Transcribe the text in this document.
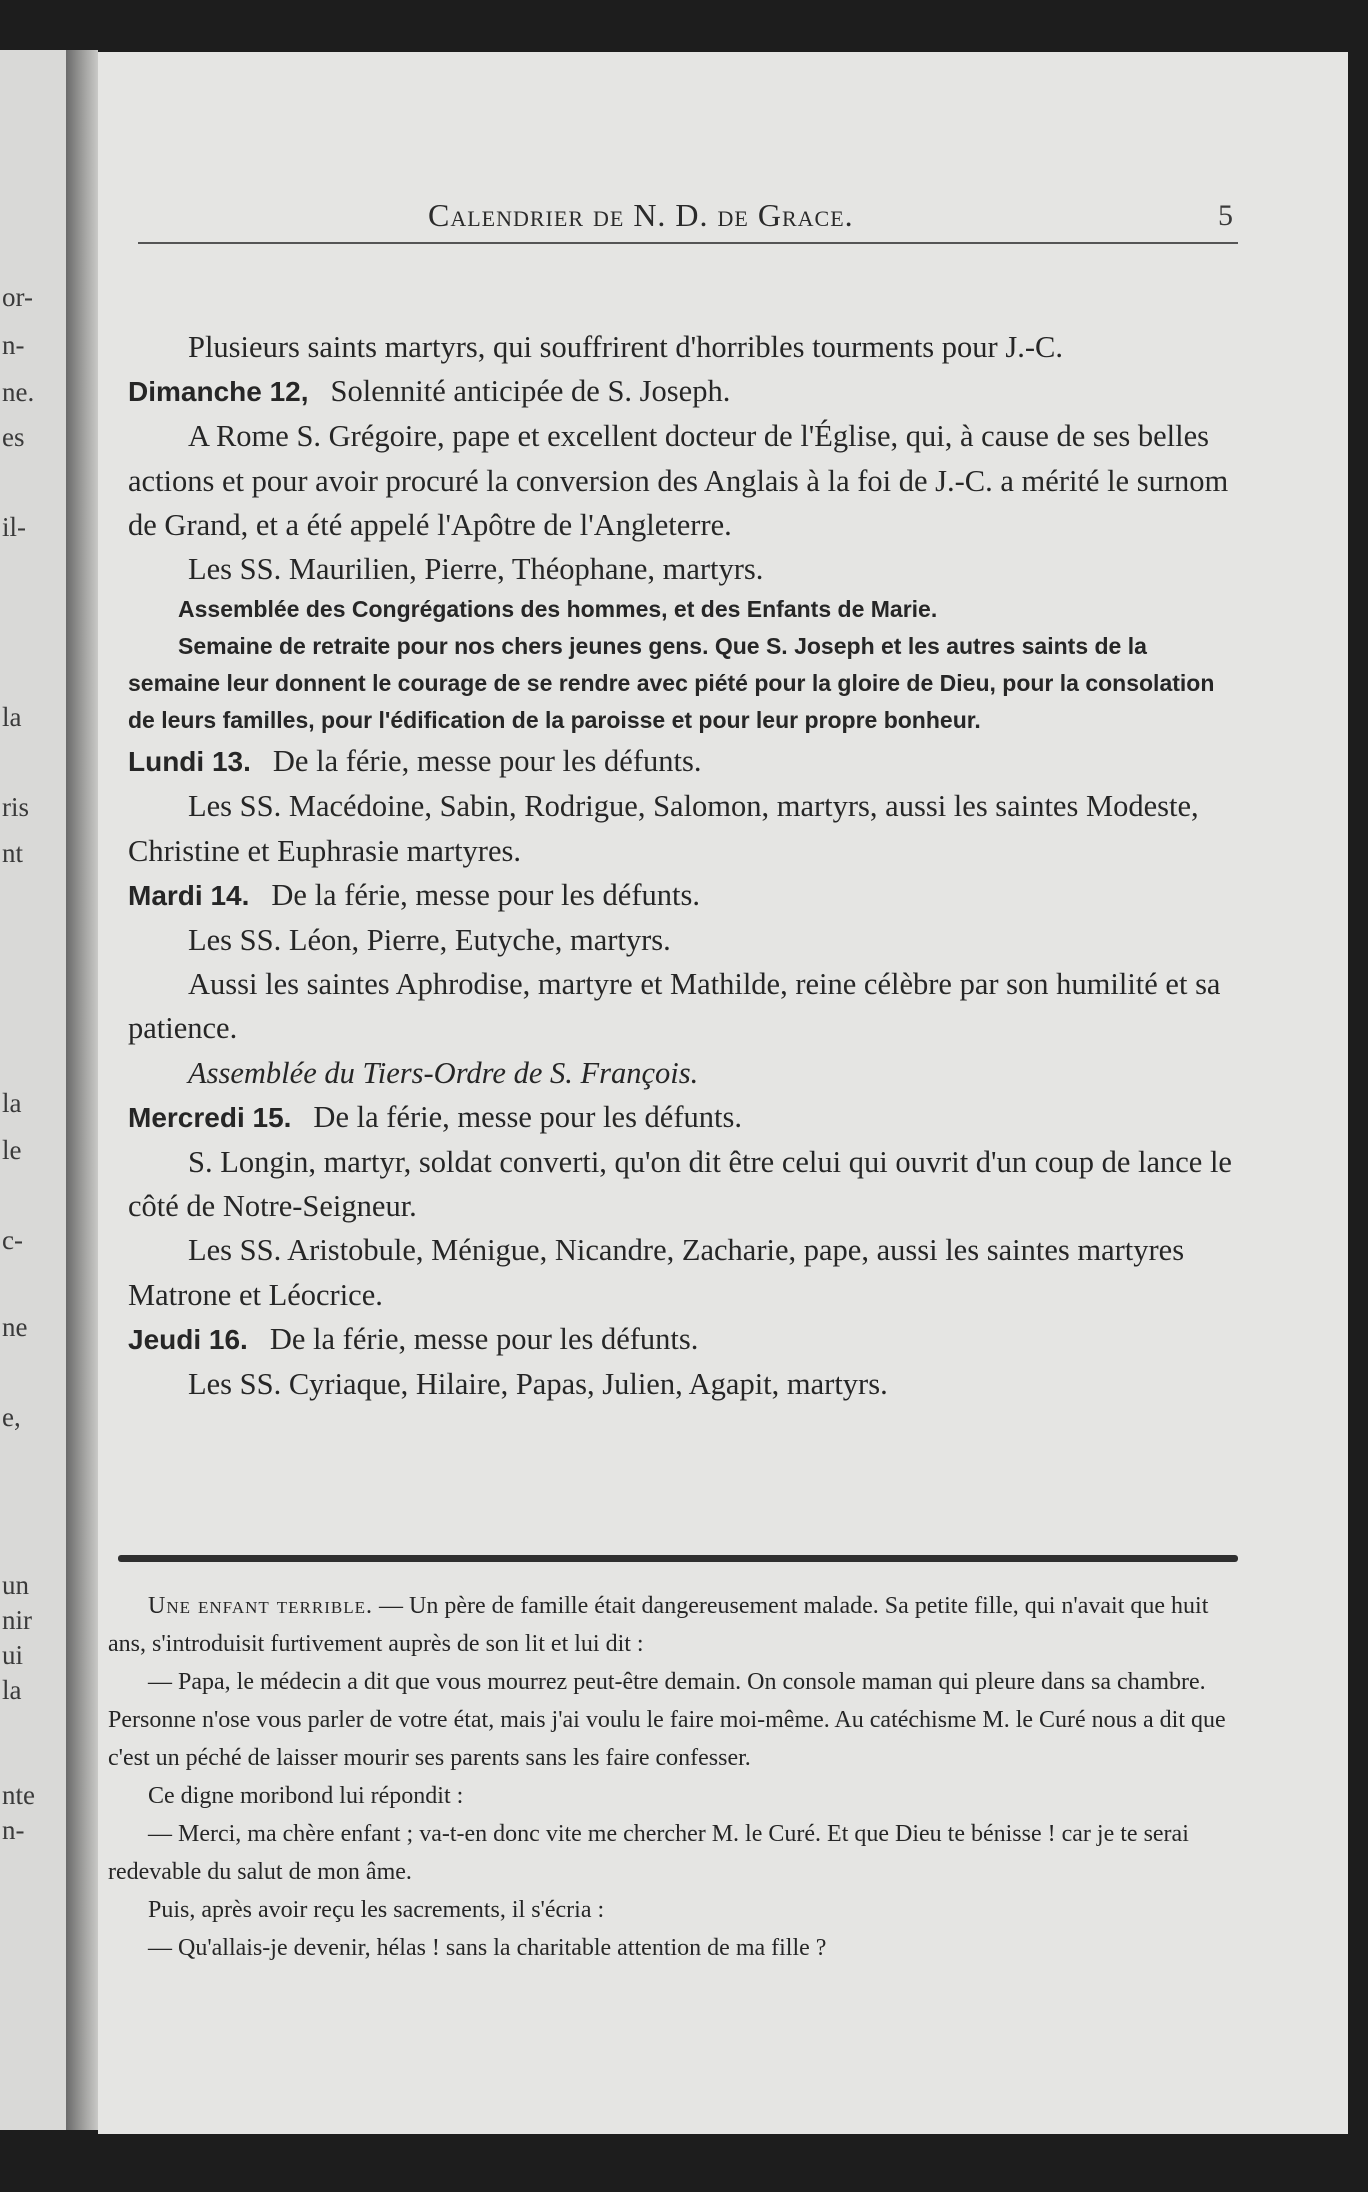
or-
n-
ne.
es
il-
la
ris
nt
la
le
c-
ne
e,
un
nir
ui
la
nte
n-
Calendrier de N. D. de Grace.	5

Plusieurs saints martyrs, qui souffrirent d'horribles tourments pour J.-C.

Dimanche 12, Solennité anticipée de S. Joseph.

A Rome S. Grégoire, pape et excellent docteur de l'Église, qui, à cause de ses belles actions et pour avoir procuré la conversion des Anglais à la foi de J.-C. a mérité le surnom de Grand, et a été appelé l'Apôtre de l'Angleterre.

Les SS. Maurilien, Pierre, Théophane, martyrs.

Assemblée des Congrégations des hommes, et des Enfants de Marie.

Semaine de retraite pour nos chers jeunes gens. Que S. Joseph et les autres saints de la semaine leur donnent le courage de se rendre avec piété pour la gloire de Dieu, pour la consolation de leurs familles, pour l'édification de la paroisse et pour leur propre bonheur.

Lundi 13. De la férie, messe pour les défunts.

Les SS. Macédoine, Sabin, Rodrigue, Salomon, martyrs, aussi les saintes Modeste, Christine et Euphrasie martyres.

Mardi 14. De la férie, messe pour les défunts.

Les SS. Léon, Pierre, Eutyche, martyrs.

Aussi les saintes Aphrodise, martyre et Mathilde, reine célèbre par son humilité et sa patience.

Assemblée du Tiers-Ordre de S. François.

Mercredi 15. De la férie, messe pour les défunts.

S. Longin, martyr, soldat converti, qu'on dit être celui qui ouvrit d'un coup de lance le côté de Notre-Seigneur.

Les SS. Aristobule, Ménigue, Nicandre, Zacharie, pape, aussi les saintes martyres Matrone et Léocrice.

Jeudi 16. De la férie, messe pour les défunts.

Les SS. Cyriaque, Hilaire, Papas, Julien, Agapit, martyrs.

Une enfant terrible. — Un père de famille était dangereusement malade. Sa petite fille, qui n'avait que huit ans, s'introduisit furtivement auprès de son lit et lui dit :

— Papa, le médecin a dit que vous mourrez peut-être demain. On console maman qui pleure dans sa chambre. Personne n'ose vous parler de votre état, mais j'ai voulu le faire moi-même. Au catéchisme M. le Curé nous a dit que c'est un péché de laisser mourir ses parents sans les faire confesser.

Ce digne moribond lui répondit :

— Merci, ma chère enfant ; va-t-en donc vite me chercher M. le Curé. Et que Dieu te bénisse ! car je te serai redevable du salut de mon âme.

Puis, après avoir reçu les sacrements, il s'écria :

— Qu'allais-je devenir, hélas ! sans la charitable attention de ma fille ?
